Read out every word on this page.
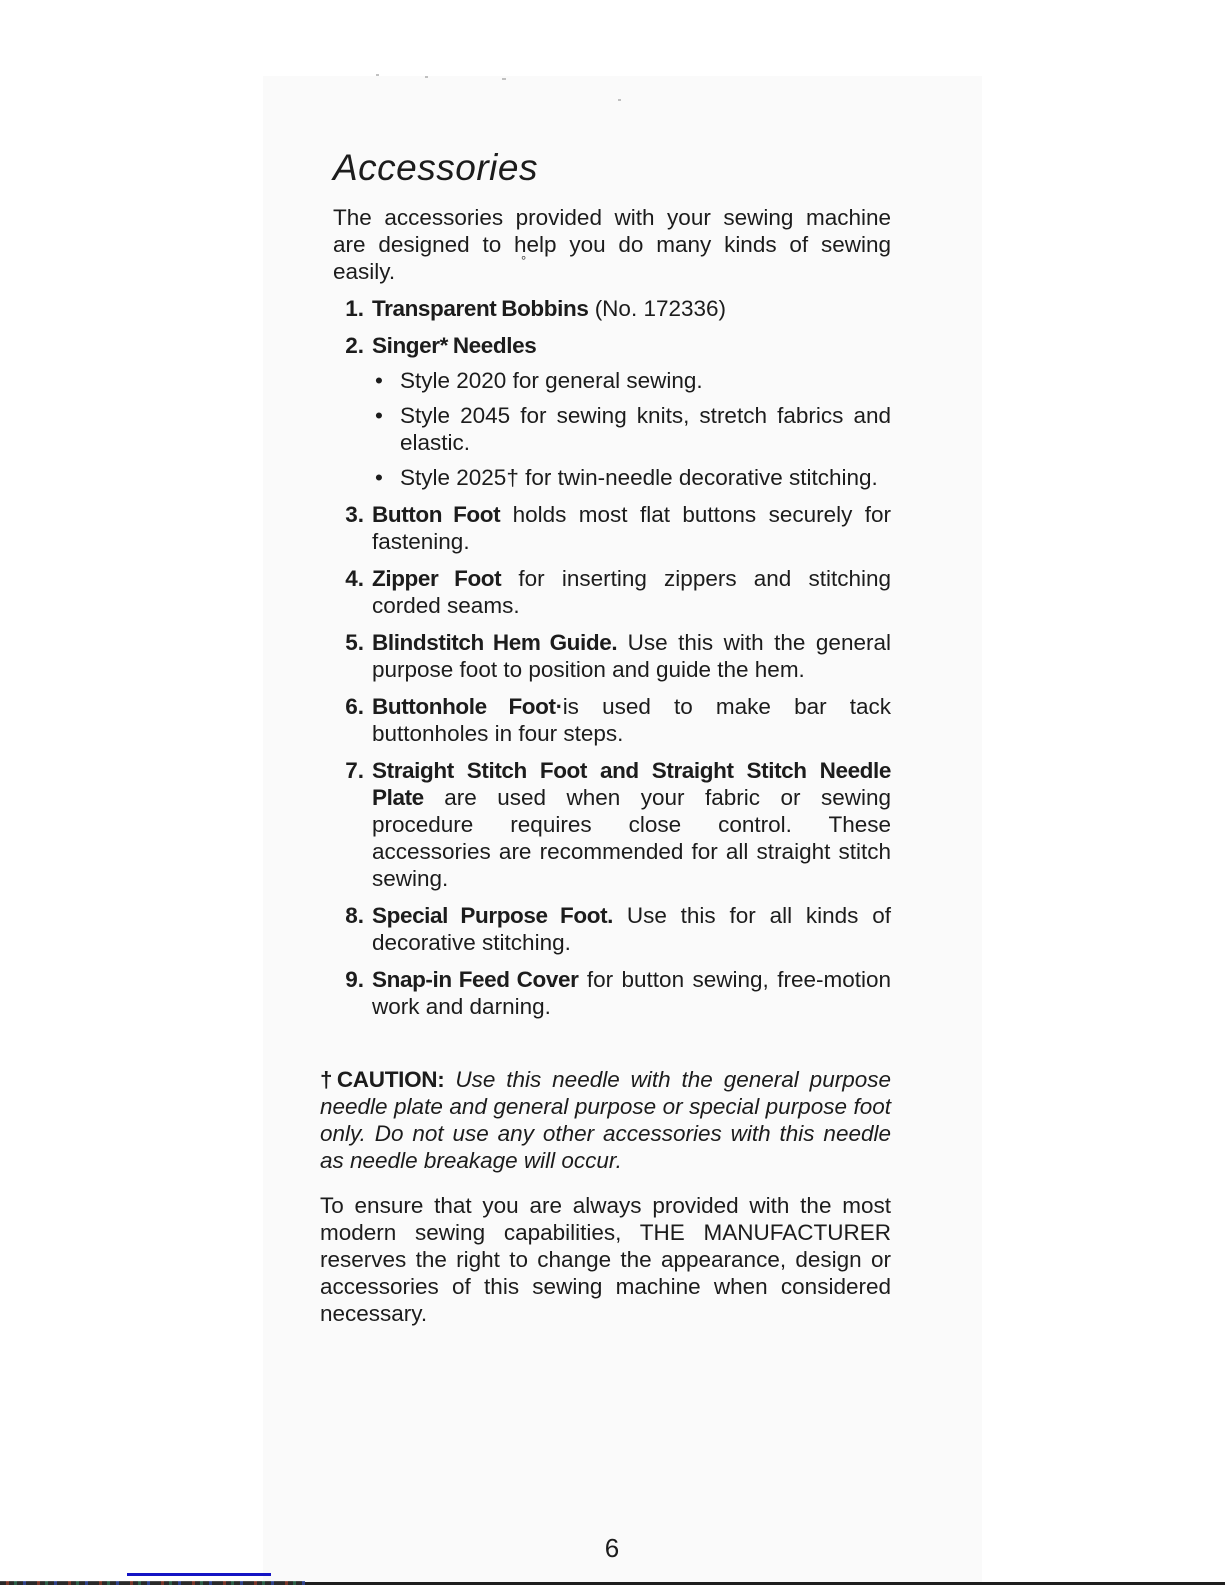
°
Accessories

The accessories provided with your sewing machine are designed to help you do many kinds of sewing easily.

1. Transparent Bobbins (No. 172336)
2. Singer* Needles
• Style 2020 for general sewing.
• Style 2045 for sewing knits, stretch fabrics and elastic.
• Style 2025† for twin-needle decorative stitching.
3. Button Foot holds most flat buttons securely for fastening.
4. Zipper Foot for inserting zippers and stitching corded seams.
5. Blindstitch Hem Guide. Use this with the general purpose foot to position and guide the hem.
6. Buttonhole Foot·is used to make bar tack buttonholes in four steps.
7. Straight Stitch Foot and Straight Stitch Needle Plate are used when your fabric or sewing procedure requires close control. These accessories are recommended for all straight stitch sewing.
8. Special Purpose Foot. Use this for all kinds of decorative stitching.
9. Snap-in Feed Cover for button sewing, free-motion work and darning.

†CAUTION: Use this needle with the general purpose needle plate and general purpose or special purpose foot only. Do not use any other accessories with this needle as needle breakage will occur.

To ensure that you are always provided with the most modern sewing capabilities, THE MANUFACTURER reserves the right to change the appearance, design or accessories of this sewing machine when considered necessary.

6
